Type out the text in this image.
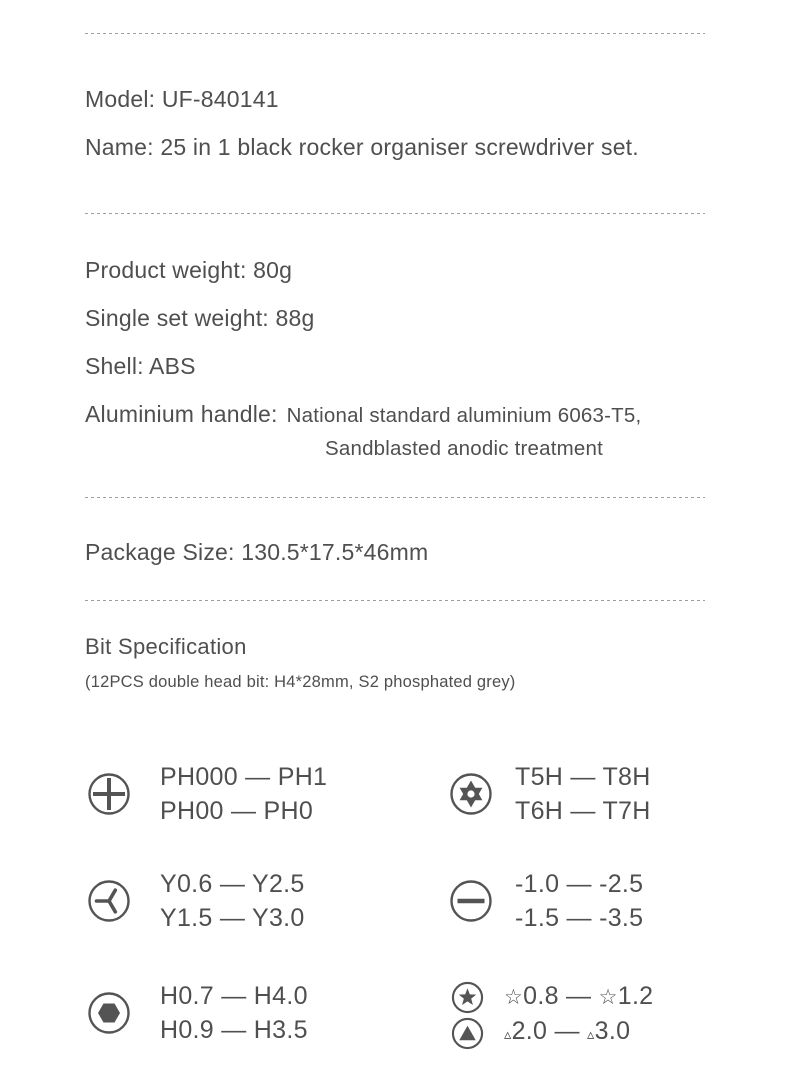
Model: UF-840141
Name: 25 in 1 black rocker organiser screwdriver set.
Product weight: 80g
Single set weight: 88g
Shell: ABS
Aluminium handle: National standard aluminium 6063-T5,
Sandblasted anodic treatment
Package Size: 130.5*17.5*46mm
Bit Specification
(12PCS double head bit: H4*28mm, S2 phosphated grey)
PH000 — PH1
PH00 — PH0
T5H — T8H
T6H — T7H
Y0.6 — Y2.5
Y1.5 — Y3.0
-1.0 — -2.5
-1.5 — -3.5
H0.7 — H4.0
H0.9 — H3.5
☆0.8 — ☆1.2
▵2.0 — ▵3.0
